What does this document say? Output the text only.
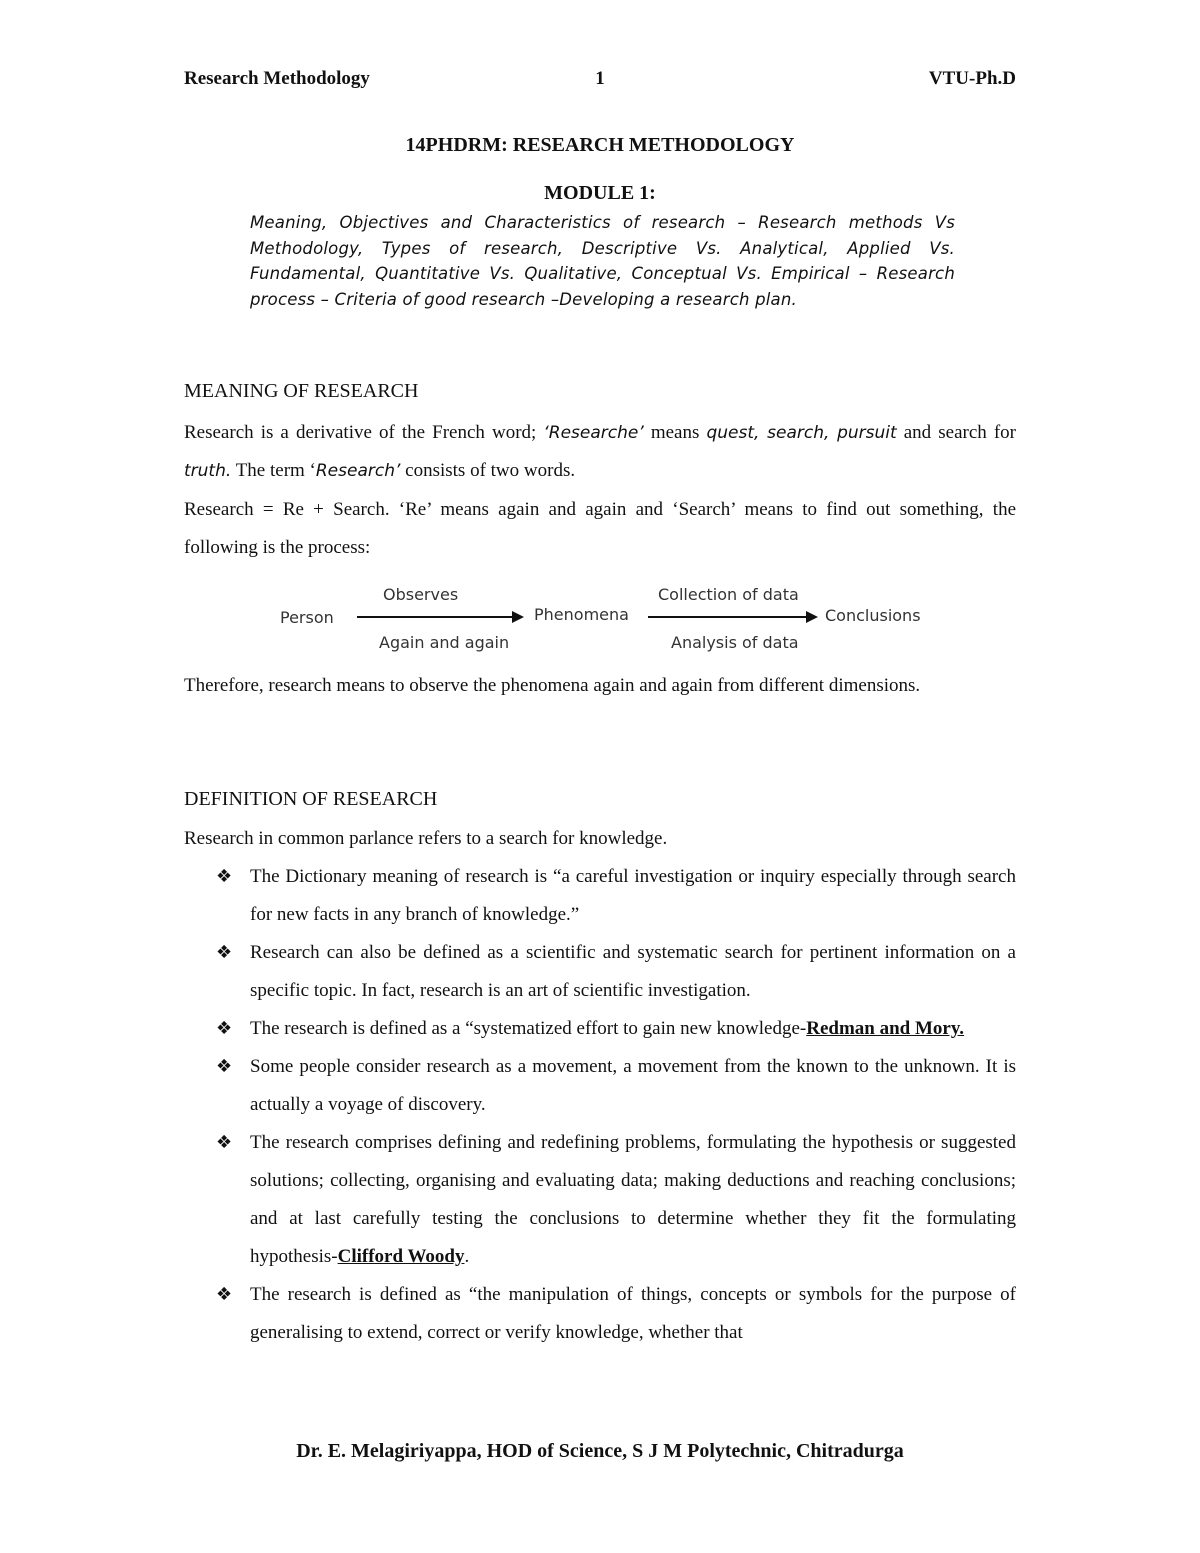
Research Methodology	1	VTU-Ph.D
14PHDRM: RESEARCH METHODOLOGY
MODULE 1:
Meaning, Objectives and Characteristics of research – Research methods Vs Methodology, Types of research, Descriptive Vs. Analytical, Applied Vs. Fundamental, Quantitative Vs. Qualitative, Conceptual Vs. Empirical – Research process – Criteria of good research –Developing a research plan.
MEANING OF RESEARCH
Research is a derivative of the French word; ‘Researche’ means quest, search, pursuit and search for truth. The term ‘Research’ consists of two words.
Research = Re + Search. ‘Re’ means again and again and ‘Search’ means to find out something, the following is the process:
Person
Observes
Again and again
Phenomena
Collection of data
Analysis of data
Conclusions
Therefore, research means to observe the phenomena again and again from different dimensions.
DEFINITION OF RESEARCH
Research in common parlance refers to a search for knowledge.
❖ The Dictionary meaning of research is “a careful investigation or inquiry especially through search for new facts in any branch of knowledge.”
❖ Research can also be defined as a scientific and systematic search for pertinent information on a specific topic. In fact, research is an art of scientific investigation.
❖ The research is defined as a “systematized effort to gain new knowledge-Redman and Mory.
❖ Some people consider research as a movement, a movement from the known to the unknown. It is actually a voyage of discovery.
❖ The research comprises defining and redefining problems, formulating the hypothesis or suggested solutions; collecting, organising and evaluating data; making deductions and reaching conclusions; and at last carefully testing the conclusions to determine whether they fit the formulating hypothesis-Clifford Woody.
❖ The research is defined as “the manipulation of things, concepts or symbols for the purpose of generalising to extend, correct or verify knowledge, whether that
Dr. E. Melagiriyappa, HOD of Science, S J M Polytechnic, Chitradurga
